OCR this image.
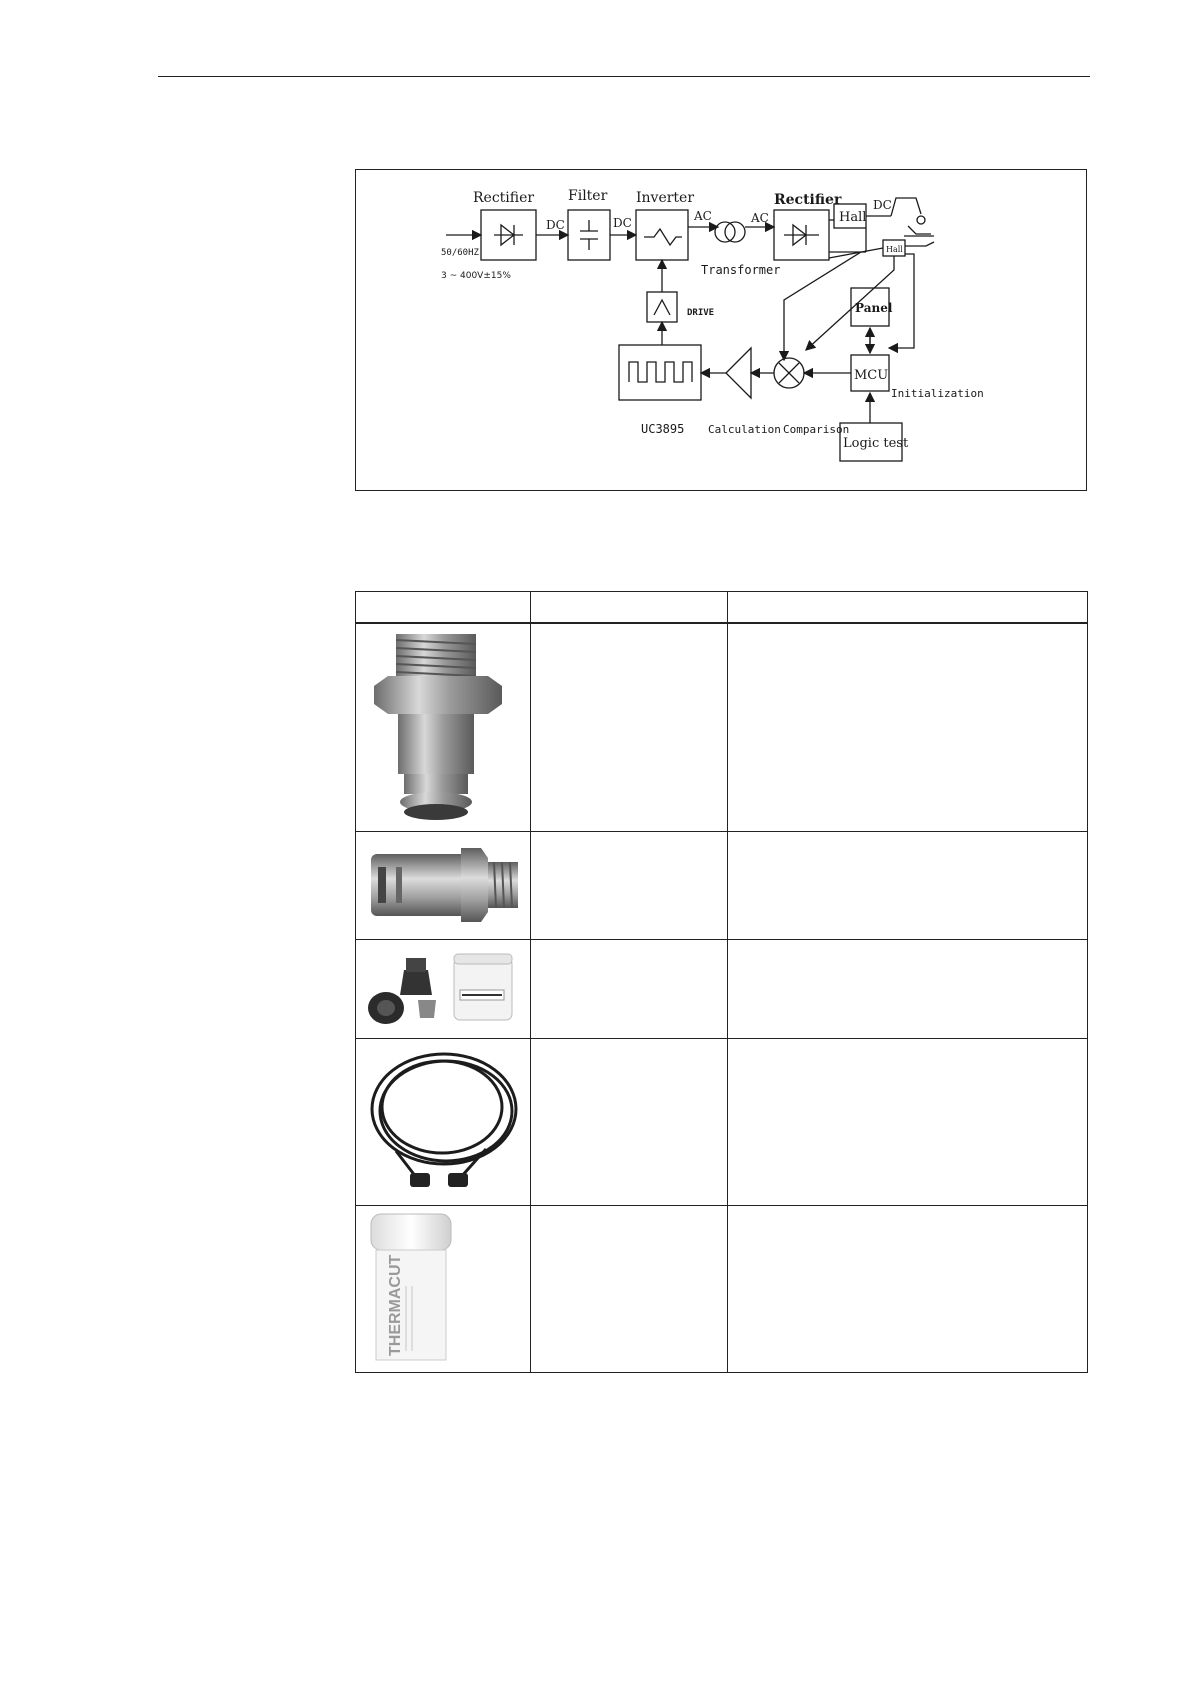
Rectifier Filter Inverter	Rectifier
DC	DC	AC	AC
DC
Hall
Hall
50/60HZ
3 ~ 400V±15%	Transformer
DRIVE	Panel
MCU
Initialization
UC3895 Calculation Comparison
Logic test

THERMACUT		
